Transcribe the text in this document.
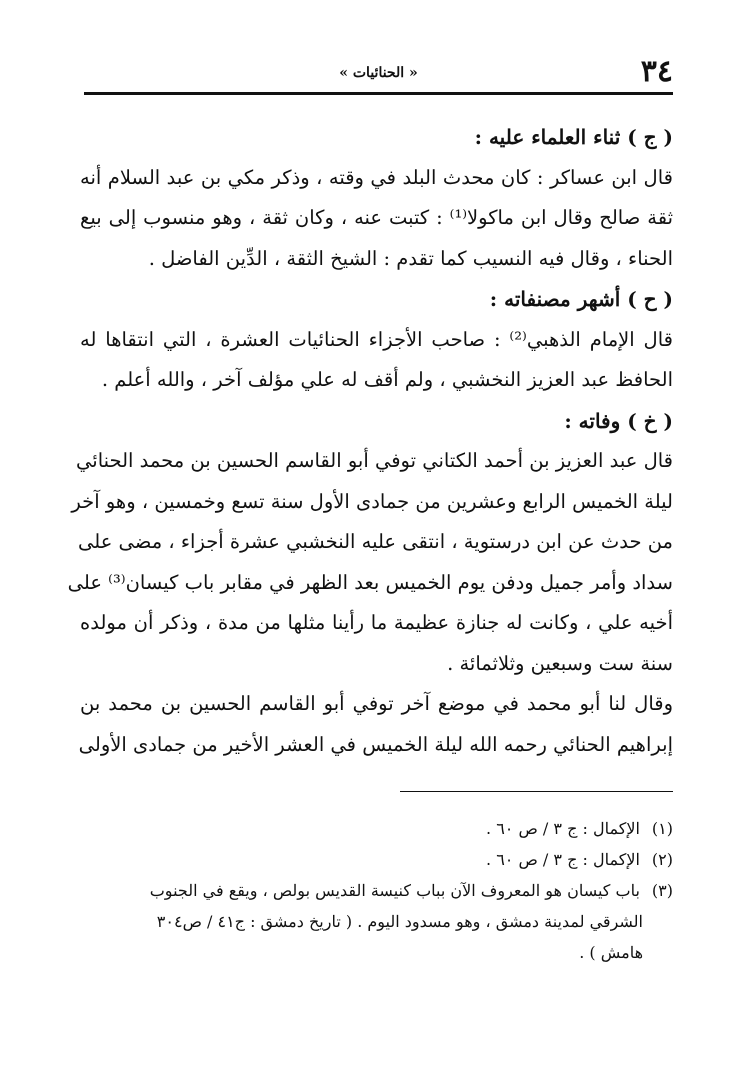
٣٤
« الحنائيات »
( ج ) ثناء العلماء عليه :
قال ابن عساكر : كان محدث البلد في وقته ، وذكر مكي بن عبد السلام أنه
ثقة صالح وقال ابن ماكولا⁽¹⁾ : كتبت عنه ، وكان ثقة ، وهو منسوب إلى بيع
الحناء ، وقال فيه النسيب كما تقدم : الشيخ الثقة ، الدِّين الفاضل .
( ح ) أشهر مصنفاته :
قال الإمام الذهبي⁽²⁾ : صاحب الأجزاء الحنائيات العشرة ، التي انتقاها له
الحافظ عبد العزيز النخشبي ، ولم أقف له علي مؤلف آخر ، والله أعلم .
( خ ) وفاته :
قال عبد العزيز بن أحمد الكتاني توفي أبو القاسم الحسين بن محمد الحنائي
ليلة الخميس الرابع وعشرين من جمادى الأول سنة تسع وخمسين ، وهو آخر
من حدث عن ابن درستوية ، انتقى عليه النخشبي عشرة أجزاء ، مضى على
سداد وأمر جميل ودفن يوم الخميس بعد الظهر في مقابر باب كيسان⁽³⁾ على
أخيه علي ، وكانت له جنازة عظيمة ما رأينا مثلها من مدة ، وذكر أن مولده
سنة ست وسبعين وثلاثمائة .
وقال لنا أبو محمد في موضع آخر توفي أبو القاسم الحسين بن محمد بن
إبراهيم الحنائي رحمه الله ليلة الخميس في العشر الأخير من جمادى الأولى
(١) الإكمال : ج ٣ / ص ٦٠ .
(٢) الإكمال : ج ٣ / ص ٦٠ .
(٣) باب كيسان هو المعروف الآن بباب كنيسة القديس بولص ، ويقع في الجنوب
الشرقي لمدينة دمشق ، وهو مسدود اليوم . ( تاريخ دمشق : ج٤١ / ص٣٠٤
هامش ) .
